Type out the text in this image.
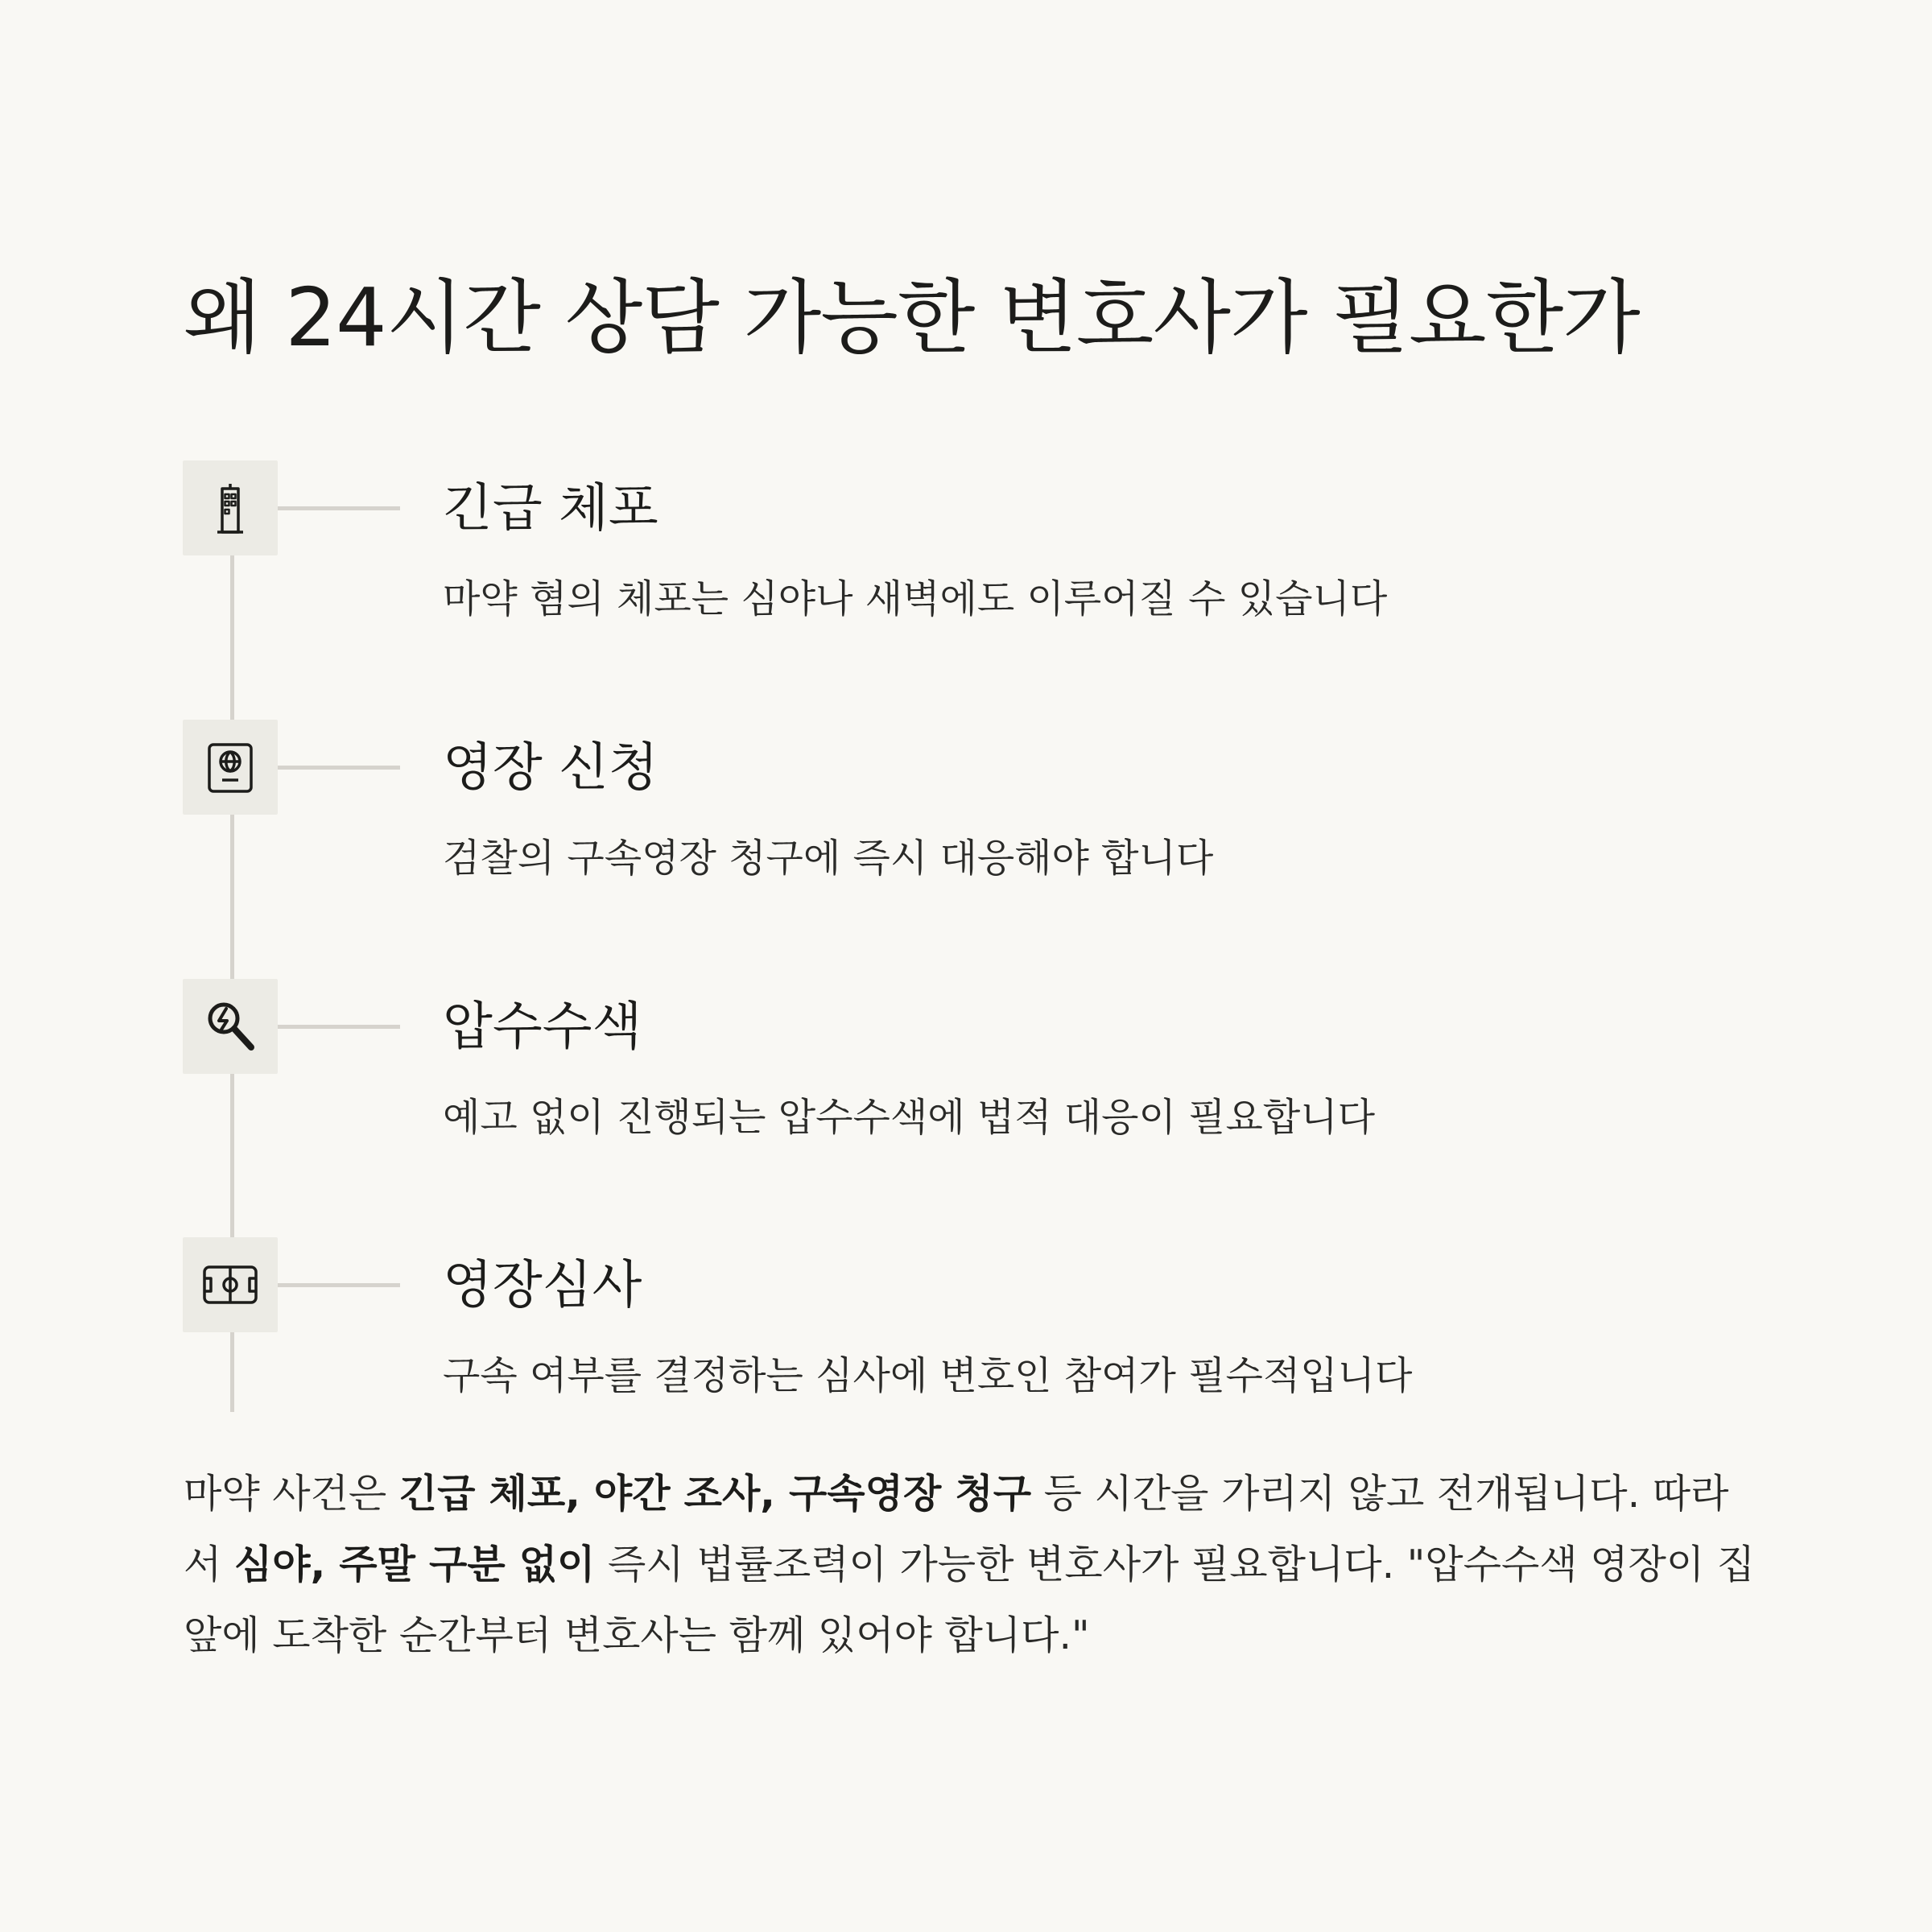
왜 24시간 상담 가능한 변호사가 필요한가
긴급 체포
마약 혐의 체포는 심야나 새벽에도 이루어질 수 있습니다
영장 신청
검찰의 구속영장 청구에 즉시 대응해야 합니다
압수수색
예고 없이 진행되는 압수수색에 법적 대응이 필요합니다
영장심사
구속 여부를 결정하는 심사에 변호인 참여가 필수적입니다

마약 사건은 긴급 체포, 야간 조사, 구속영장 청구 등 시간을 가리지 않고 전개됩니다. 따라서 심야, 주말 구분 없이 즉시 법률조력이 가능한 변호사가 필요합니다. "압수수색 영장이 집 앞에 도착한 순간부터 변호사는 함께 있어야 합니다."
